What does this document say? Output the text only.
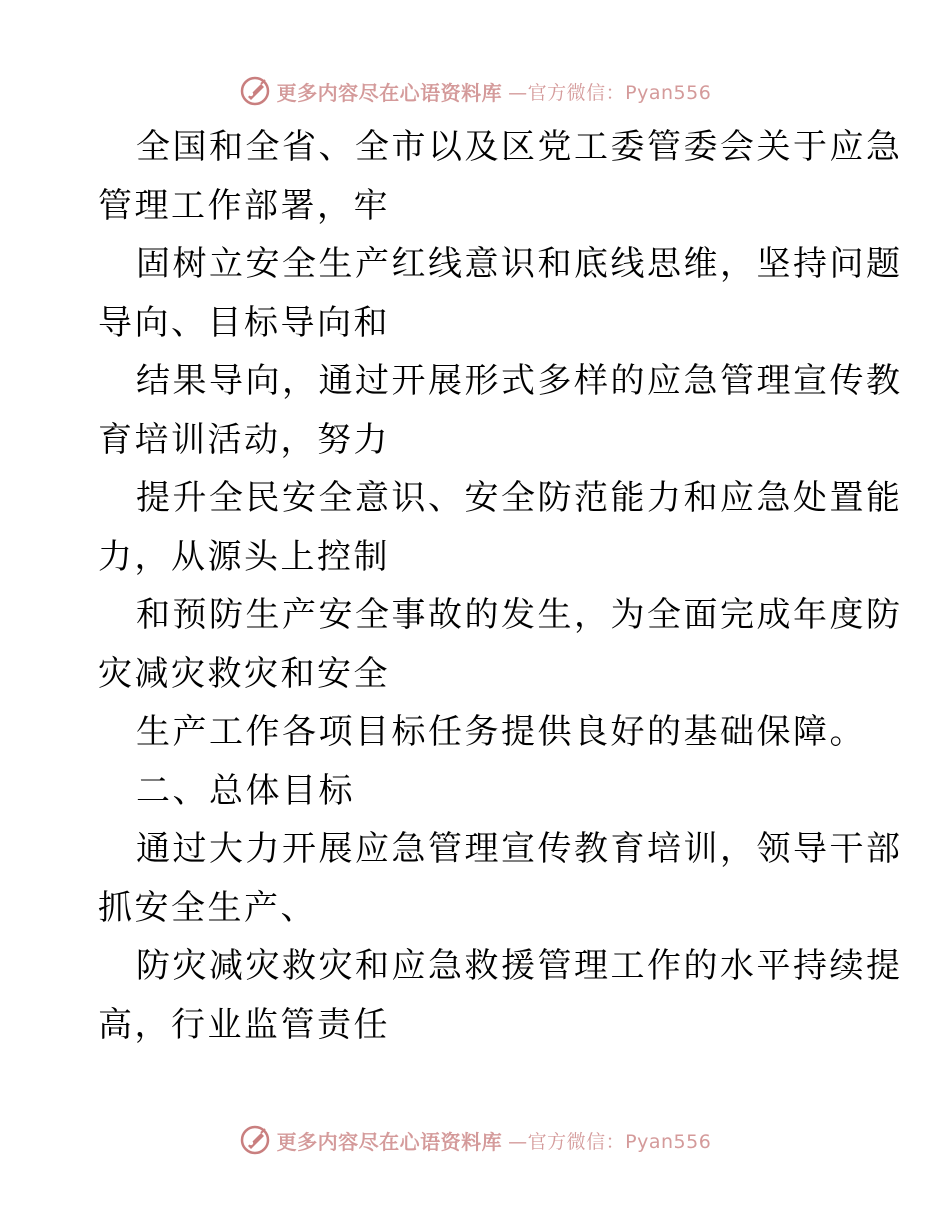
更多内容尽在心语资料库 —官方微信：Pyan556
全国和全省、全市以及区党工委管委会关于应急
管理工作部署，牢
固树立安全生产红线意识和底线思维，坚持问题
导向、目标导向和
结果导向，通过开展形式多样的应急管理宣传教
育培训活动，努力
提升全民安全意识、安全防范能力和应急处置能
力，从源头上控制
和预防生产安全事故的发生，为全面完成年度防
灾减灾救灾和安全
生产工作各项目标任务提供良好的基础保障。
二、总体目标
通过大力开展应急管理宣传教育培训，领导干部
抓安全生产、
防灾减灾救灾和应急救援管理工作的水平持续提
高，行业监管责任
更多内容尽在心语资料库 —官方微信：Pyan556
